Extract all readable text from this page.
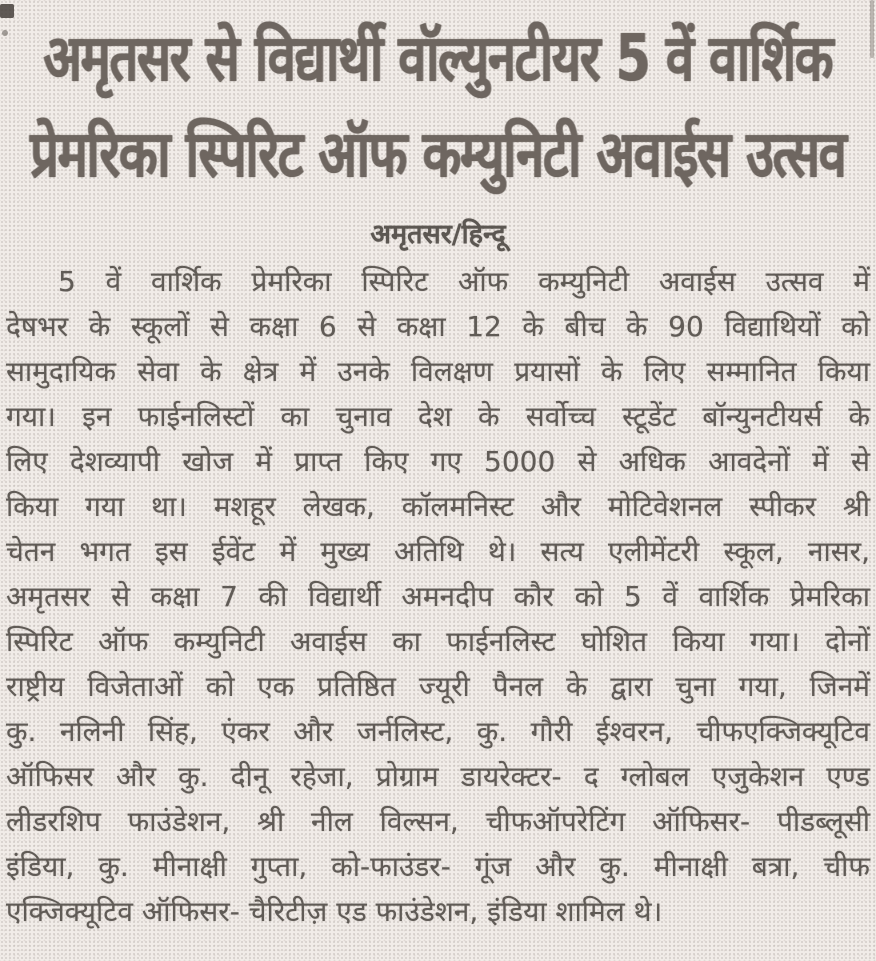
अमृतसर से विद्यार्थी वॉल्युनटीयर 5 वें वार्शिक
प्रेमरिका स्पिरिट ऑफ कम्युनिटी अवाईस उत्सव

अमृतसर/हिन्दू

5 वें वार्शिक प्रेमरिका स्पिरिट ऑफ कम्युनिटी अवाईस उत्सव में
देषभर के स्कूलों से कक्षा 6 से कक्षा 12 के बीच के 90 विद्याथियों को
सामुदायिक सेवा के क्षेत्र में उनके विलक्षण प्रयासों के लिए सम्मानित किया
गया। इन फाईनलिस्टों का चुनाव देश के सर्वोच्च स्टूडेंट बॉन्युनटीयर्स के
लिए देशव्यापी खोज में प्राप्त किए गए 5000 से अधिक आवदेनों में से
किया गया था। मशहूर लेखक, कॉलमनिस्ट और मोटिवेशनल स्पीकर श्री
चेतन भगत इस ईवेंट में मुख्य अतिथि थे। सत्य एलीमेंटरी स्कूल, नासर,
अमृतसर से कक्षा 7 की विद्यार्थी अमनदीप कौर को 5 वें वार्शिक प्रेमरिका
स्पिरिट ऑफ कम्युनिटी अवाईस का फाईनलिस्ट घोशित किया गया। दोनों
राष्ट्रीय विजेताओं को एक प्रतिष्ठित ज्यूरी पैनल के द्वारा चुना गया, जिनमें
कु. नलिनी सिंह, एंकर और जर्नलिस्ट, कु. गौरी ईश्वरन, चीफएक्जिक्यूटिव
ऑफिसर और कु. दीनू रहेजा, प्रोग्राम डायरेक्टर- द ग्लोबल एजुकेशन एण्ड
लीडरशिप फाउंडेशन, श्री नील विल्सन, चीफऑपरेटिंग ऑफिसर- पीडब्लूसी
इंडिया, कु. मीनाक्षी गुप्ता, को-फाउंडर- गूंज और कु. मीनाक्षी बत्रा, चीफ
एक्जिक्यूटिव ऑफिसर- चैरिटीज़ एड फाउंडेशन, इंडिया शामिल थे।
